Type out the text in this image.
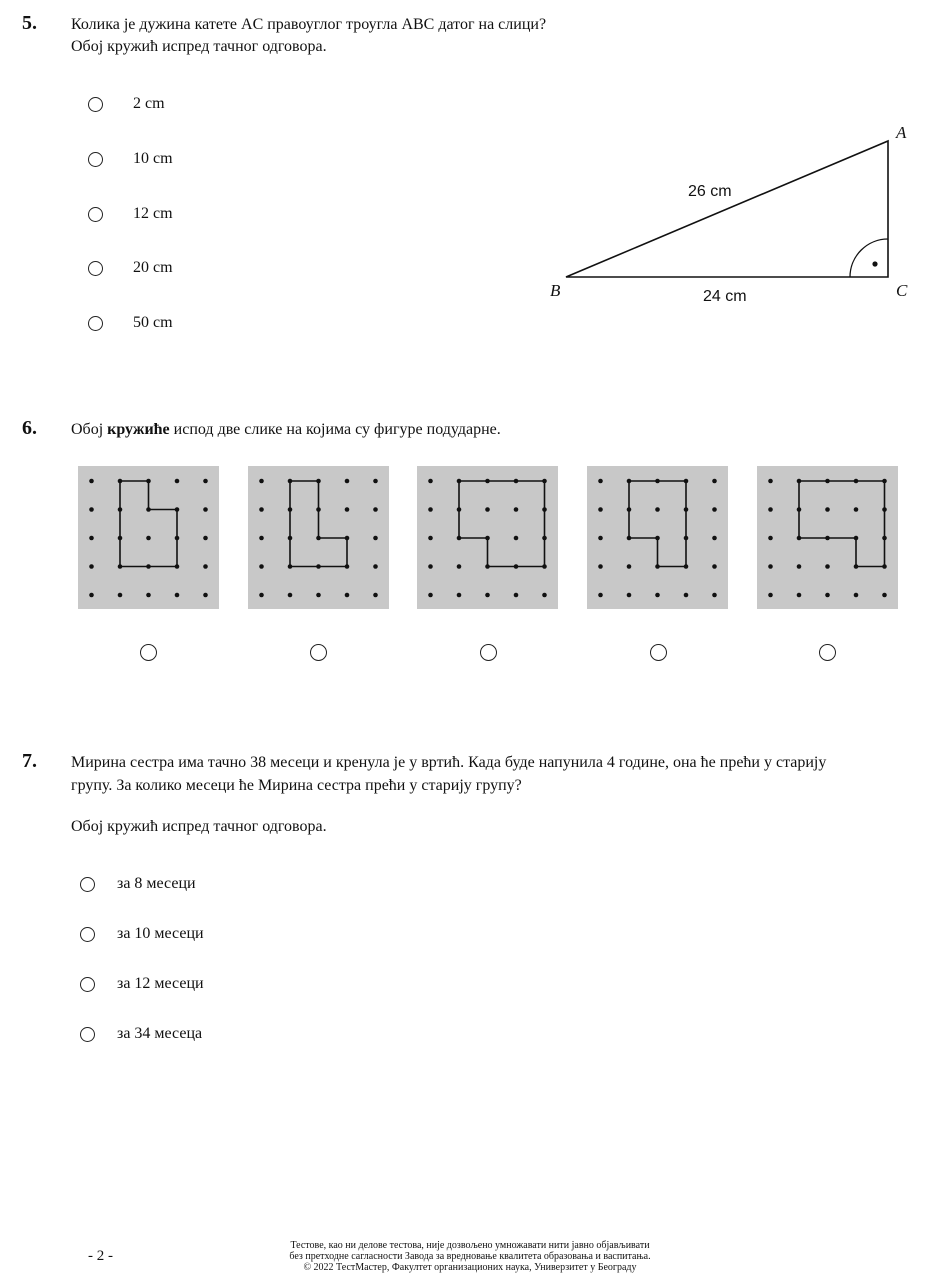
5. Колика је дужина катете AC правоуглог троугла ABC датог на слици?
Обој кружић испред тачног одговора.
2 cm
10 cm
12 cm
20 cm
50 cm
A
B	C
26 cm
24 cm
6. Обој кружиће испод две слике на којима су фигуре подударне.
7. Мирина сестра има тачно 38 месеци и кренула је у вртић. Када буде напунила 4 године, она ће прећи у старију
групу. За колико месеци ће Мирина сестра прећи у старију групу?
Обој кружић испред тачног одговора.
за 8 месеци
за 10 месеци
за 12 месеци
за 34 месеца
- 2 -
Тестове, као ни делове тестова, није дозвољено умножавати нити јавно објављивати
без претходне сагласности Завода за вредновање квалитета образовања и васпитања.
© 2022 ТестМастер, Факултет организационих наука, Универзитет у Београду
